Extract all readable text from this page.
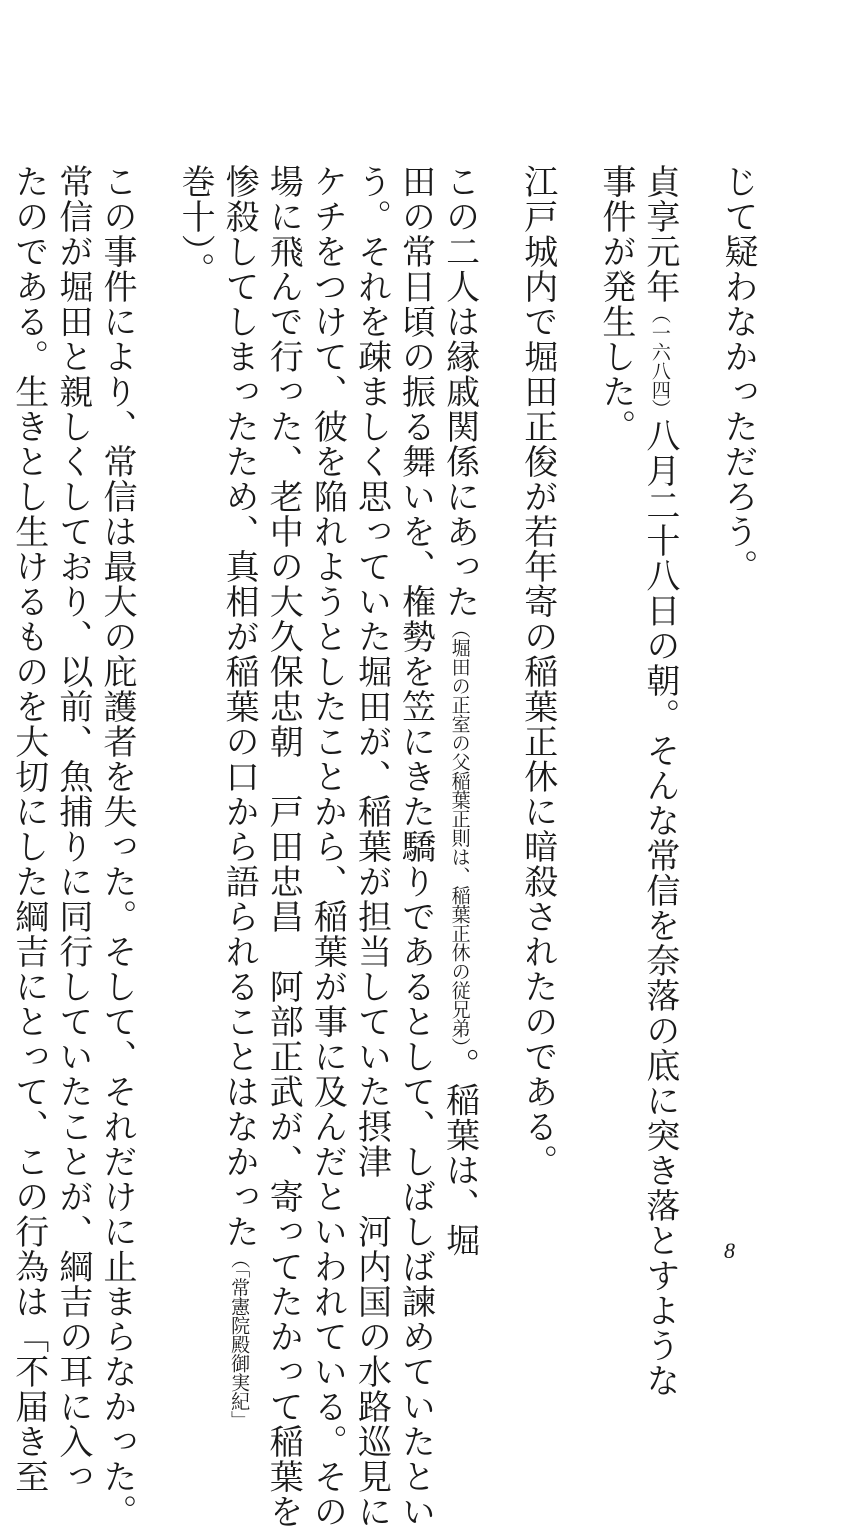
じて疑わなかっただろう。
貞享元年（一六八四）八月二十八日の朝。そんな常信を奈落の底に突き落とすような
事件が発生した。
江戸城内で堀田正俊が若年寄の稲葉正休に暗殺されたのである。
この二人は縁戚関係にあった（堀田の正室の父稲葉正則は、稲葉正休の従兄弟）。稲葉は、堀
田の常日頃の振る舞いを、権勢を笠にきた驕りであるとして、しばしば諫めていたとい
う。それを疎ましく思っていた堀田が、稲葉が担当していた摂津　河内国の水路巡見に
ケチをつけて、彼を陥れようとしたことから、稲葉が事に及んだといわれている。その
場に飛んで行った、老中の大久保忠朝　戸田忠昌　阿部正武が、寄ってたかって稲葉を
惨殺してしまったため、真相が稲葉の口から語られることはなかった（「常憲院殿御実紀」
巻十）。
この事件により、常信は最大の庇護者を失った。そして、それだけに止まらなかった。
常信が堀田と親しくしており、以前、魚捕りに同行していたことが、綱吉の耳に入っ
たのである。生きとし生けるものを大切にした綱吉にとって、この行為は「不届き至	8
